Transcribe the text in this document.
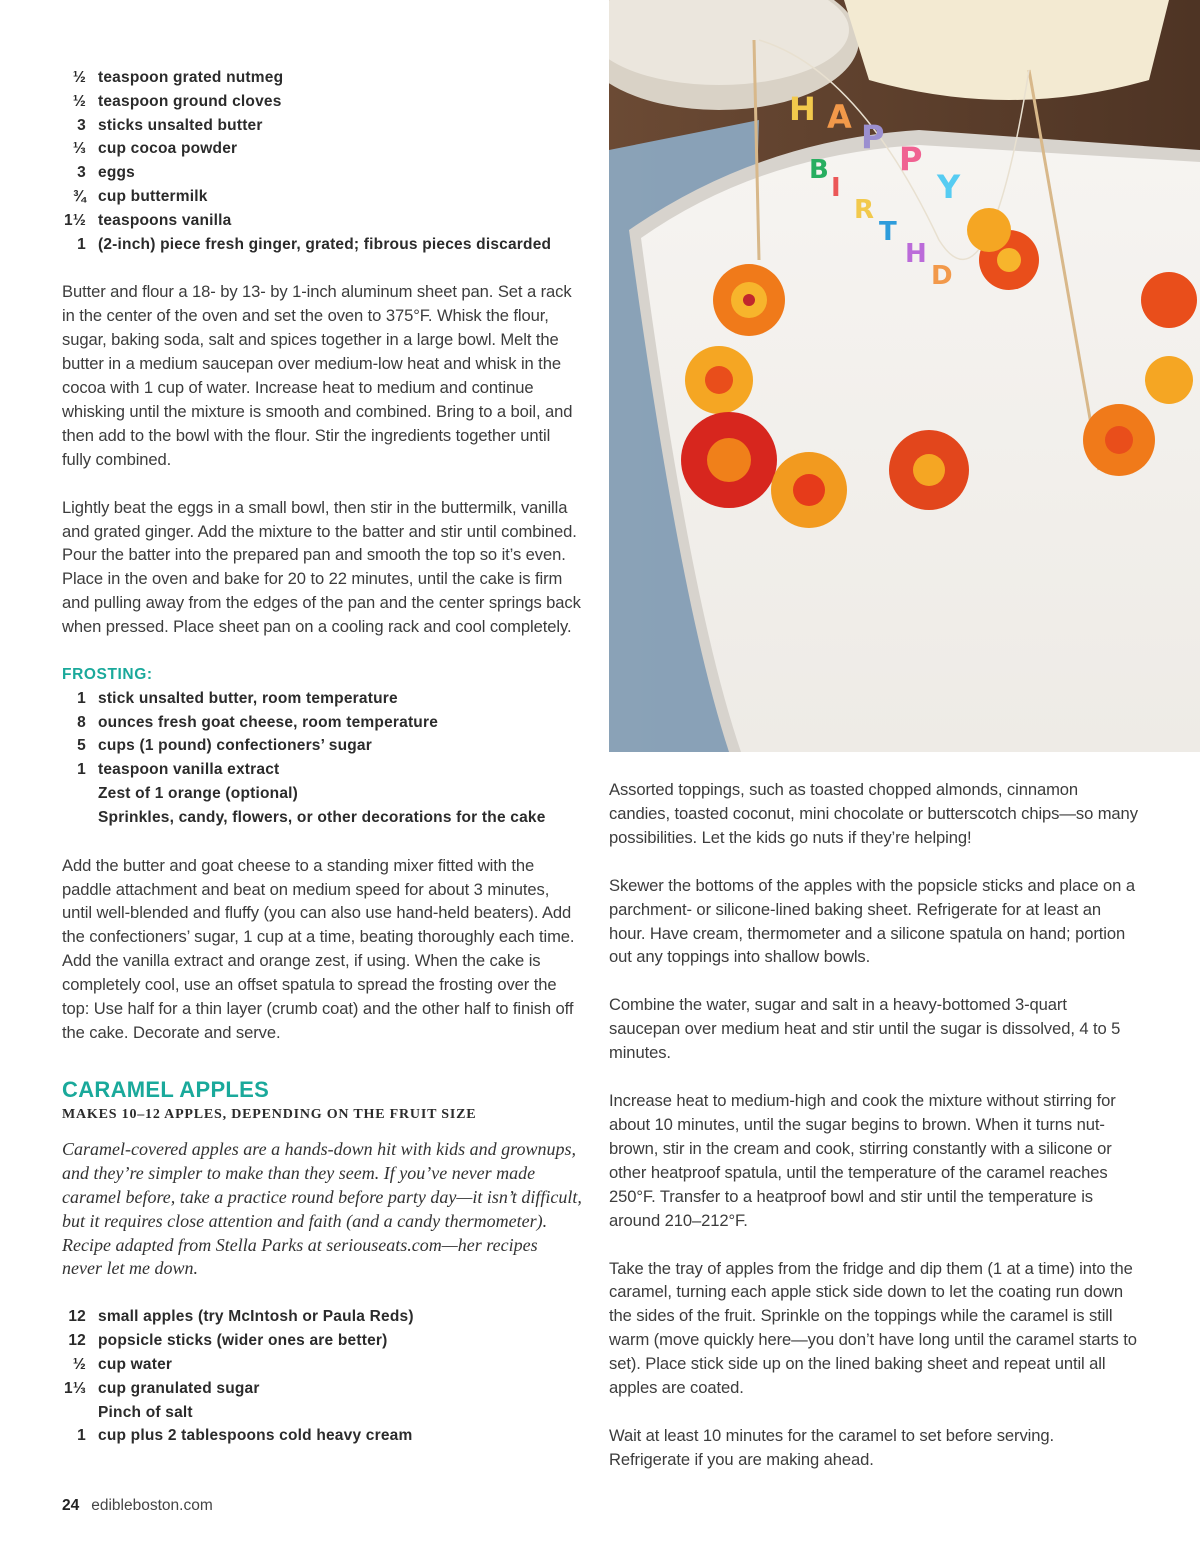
½ teaspoon grated nutmeg
½ teaspoon ground cloves
3 sticks unsalted butter
⅓ cup cocoa powder
3 eggs
¾ cup buttermilk
1½ teaspoons vanilla
1 (2-inch) piece fresh ginger, grated; fibrous pieces discarded

Butter and flour a 18- by 13- by 1-inch aluminum sheet pan. Set a rack in the center of the oven and set the oven to 375°F. Whisk the flour, sugar, baking soda, salt and spices together in a large bowl. Melt the butter in a medium saucepan over medium-low heat and whisk in the cocoa with 1 cup of water. Increase heat to medium and continue whisking until the mixture is smooth and combined. Bring to a boil, and then add to the bowl with the flour. Stir the ingredients together until fully combined.

Lightly beat the eggs in a small bowl, then stir in the buttermilk, vanilla and grated ginger. Add the mixture to the batter and stir until combined. Pour the batter into the prepared pan and smooth the top so it’s even. Place in the oven and bake for 20 to 22 minutes, until the cake is firm and pulling away from the edges of the pan and the center springs back when pressed. Place sheet pan on a cooling rack and cool completely.

FROSTING:
1 stick unsalted butter, room temperature
8 ounces fresh goat cheese, room temperature
5 cups (1 pound) confectioners’ sugar
1 teaspoon vanilla extract
Zest of 1 orange (optional)
Sprinkles, candy, flowers, or other decorations for the cake

Add the butter and goat cheese to a standing mixer fitted with the paddle attachment and beat on medium speed for about 3 minutes, until well-blended and fluffy (you can also use hand-held beaters). Add the confectioners’ sugar, 1 cup at a time, beating thoroughly each time. Add the vanilla extract and orange zest, if using. When the cake is completely cool, use an offset spatula to spread the frosting over the top: Use half for a thin layer (crumb coat) and the other half to finish off the cake. Decorate and serve.

CARAMEL APPLES
MAKES 10–12 APPLES, DEPENDING ON THE FRUIT SIZE

Caramel-covered apples are a hands-down hit with kids and grownups, and they’re simpler to make than they seem. If you’ve never made caramel before, take a practice round before party day—it isn’t difficult, but it requires close attention and faith (and a candy thermometer). Recipe adapted from Stella Parks at seriouseats.com—her recipes never let me down.

12 small apples (try McIntosh or Paula Reds)
12 popsicle sticks (wider ones are better)
½ cup water
1⅓ cup granulated sugar
Pinch of salt
1 cup plus 2 tablespoons cold heavy cream
H A
P
P
Y
B
I
R
T
H
D

Assorted toppings, such as toasted chopped almonds, cinnamon candies, toasted coconut, mini chocolate or butterscotch chips—so many possibilities. Let the kids go nuts if they’re helping!

Skewer the bottoms of the apples with the popsicle sticks and place on a parchment- or silicone-lined baking sheet. Refrigerate for at least an hour. Have cream, thermometer and a silicone spatula on hand; portion out any toppings into shallow bowls.

Combine the water, sugar and salt in a heavy-bottomed 3-quart saucepan over medium heat and stir until the sugar is dissolved, 4 to 5 minutes.

Increase heat to medium-high and cook the mixture without stirring for about 10 minutes, until the sugar begins to brown. When it turns nut-brown, stir in the cream and cook, stirring constantly with a silicone or other heatproof spatula, until the temperature of the caramel reaches 250°F. Transfer to a heatproof bowl and stir until the temperature is around 210–212°F.

Take the tray of apples from the fridge and dip them (1 at a time) into the caramel, turning each apple stick side down to let the coating run down the sides of the fruit. Sprinkle on the toppings while the caramel is still warm (move quickly here—you don’t have long until the caramel starts to set). Place stick side up on the lined baking sheet and repeat until all apples are coated.

Wait at least 10 minutes for the caramel to set before serving. Refrigerate if you are making ahead.

24 edibleboston.com
